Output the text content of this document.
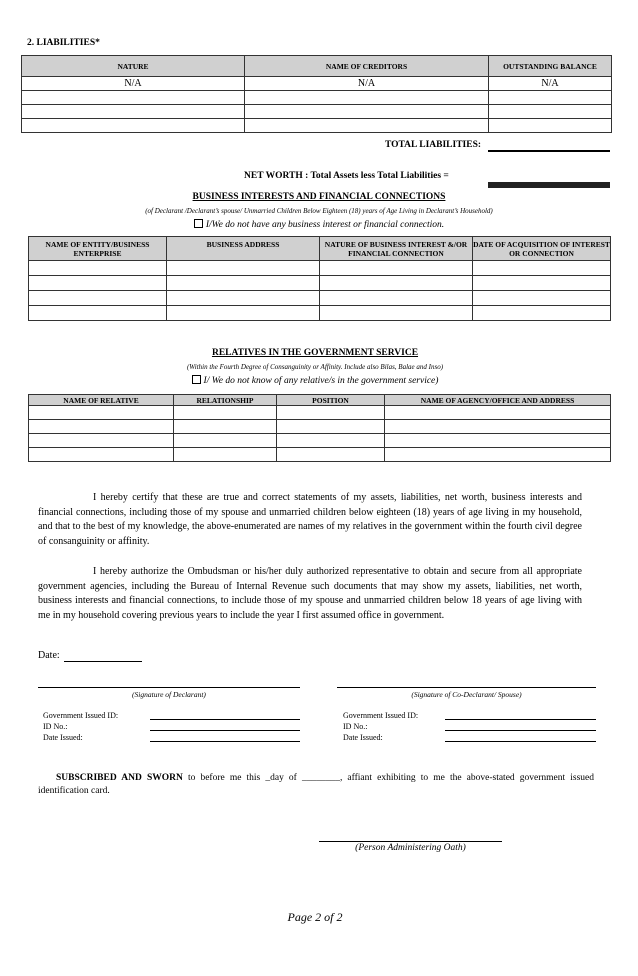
2. LIABILITIES*
NATURE	NAME OF CREDITORS	OUTSTANDING BALANCE
N/A	N/A	N/A

TOTAL LIABILITIES:
NET WORTH : Total Assets less Total Liabilities =
BUSINESS INTERESTS AND FINANCIAL CONNECTIONS
(of Declarant /Declarant’s spouse/ Unmarried Children Below Eighteen (18) years of Age Living in Declarant’s Household)
I/We do not have any business interest or financial connection.
NAME OF ENTITY/BUSINESS ENTERPRISE	BUSINESS ADDRESS	NATURE OF BUSINESS INTEREST &/OR FINANCIAL CONNECTION	DATE OF ACQUISITION OF INTEREST OR CONNECTION

RELATIVES IN THE GOVERNMENT SERVICE
(Within the Fourth Degree of Consanguinity or Affinity. Include also Bilas, Balae and Inso)
I/ We do not know of any relative/s in the government service)
NAME OF RELATIVE	RELATIONSHIP	POSITION	NAME OF AGENCY/OFFICE AND ADDRESS

I hereby certify that these are true and correct statements of my assets, liabilities, net worth, business interests and financial connections, including those of my spouse and unmarried children below eighteen (18) years of age living in my household, and that to the best of my knowledge, the above-enumerated are names of my relatives in the government within the fourth civil degree of consanguinity or affinity.
I hereby authorize the Ombudsman or his/her duly authorized representative to obtain and secure from all appropriate government agencies, including the Bureau of Internal Revenue such documents that may show my assets, liabilities, net worth, business interests and financial connections, to include those of my spouse and unmarried children below 18 years of age living with me in my household covering previous years to include the year I first assumed office in government.
Date:
(Signature of Declarant)	(Signature of Co-Declarant/ Spouse)
Government Issued ID:
ID No.:
Date Issued:
Government Issued ID:
ID No.:
Date Issued:
SUBSCRIBED AND SWORN to before me this _day of ________, affiant exhibiting to me the above-stated government issued identification card.
(Person Administering Oath)
Page 2 of 2
